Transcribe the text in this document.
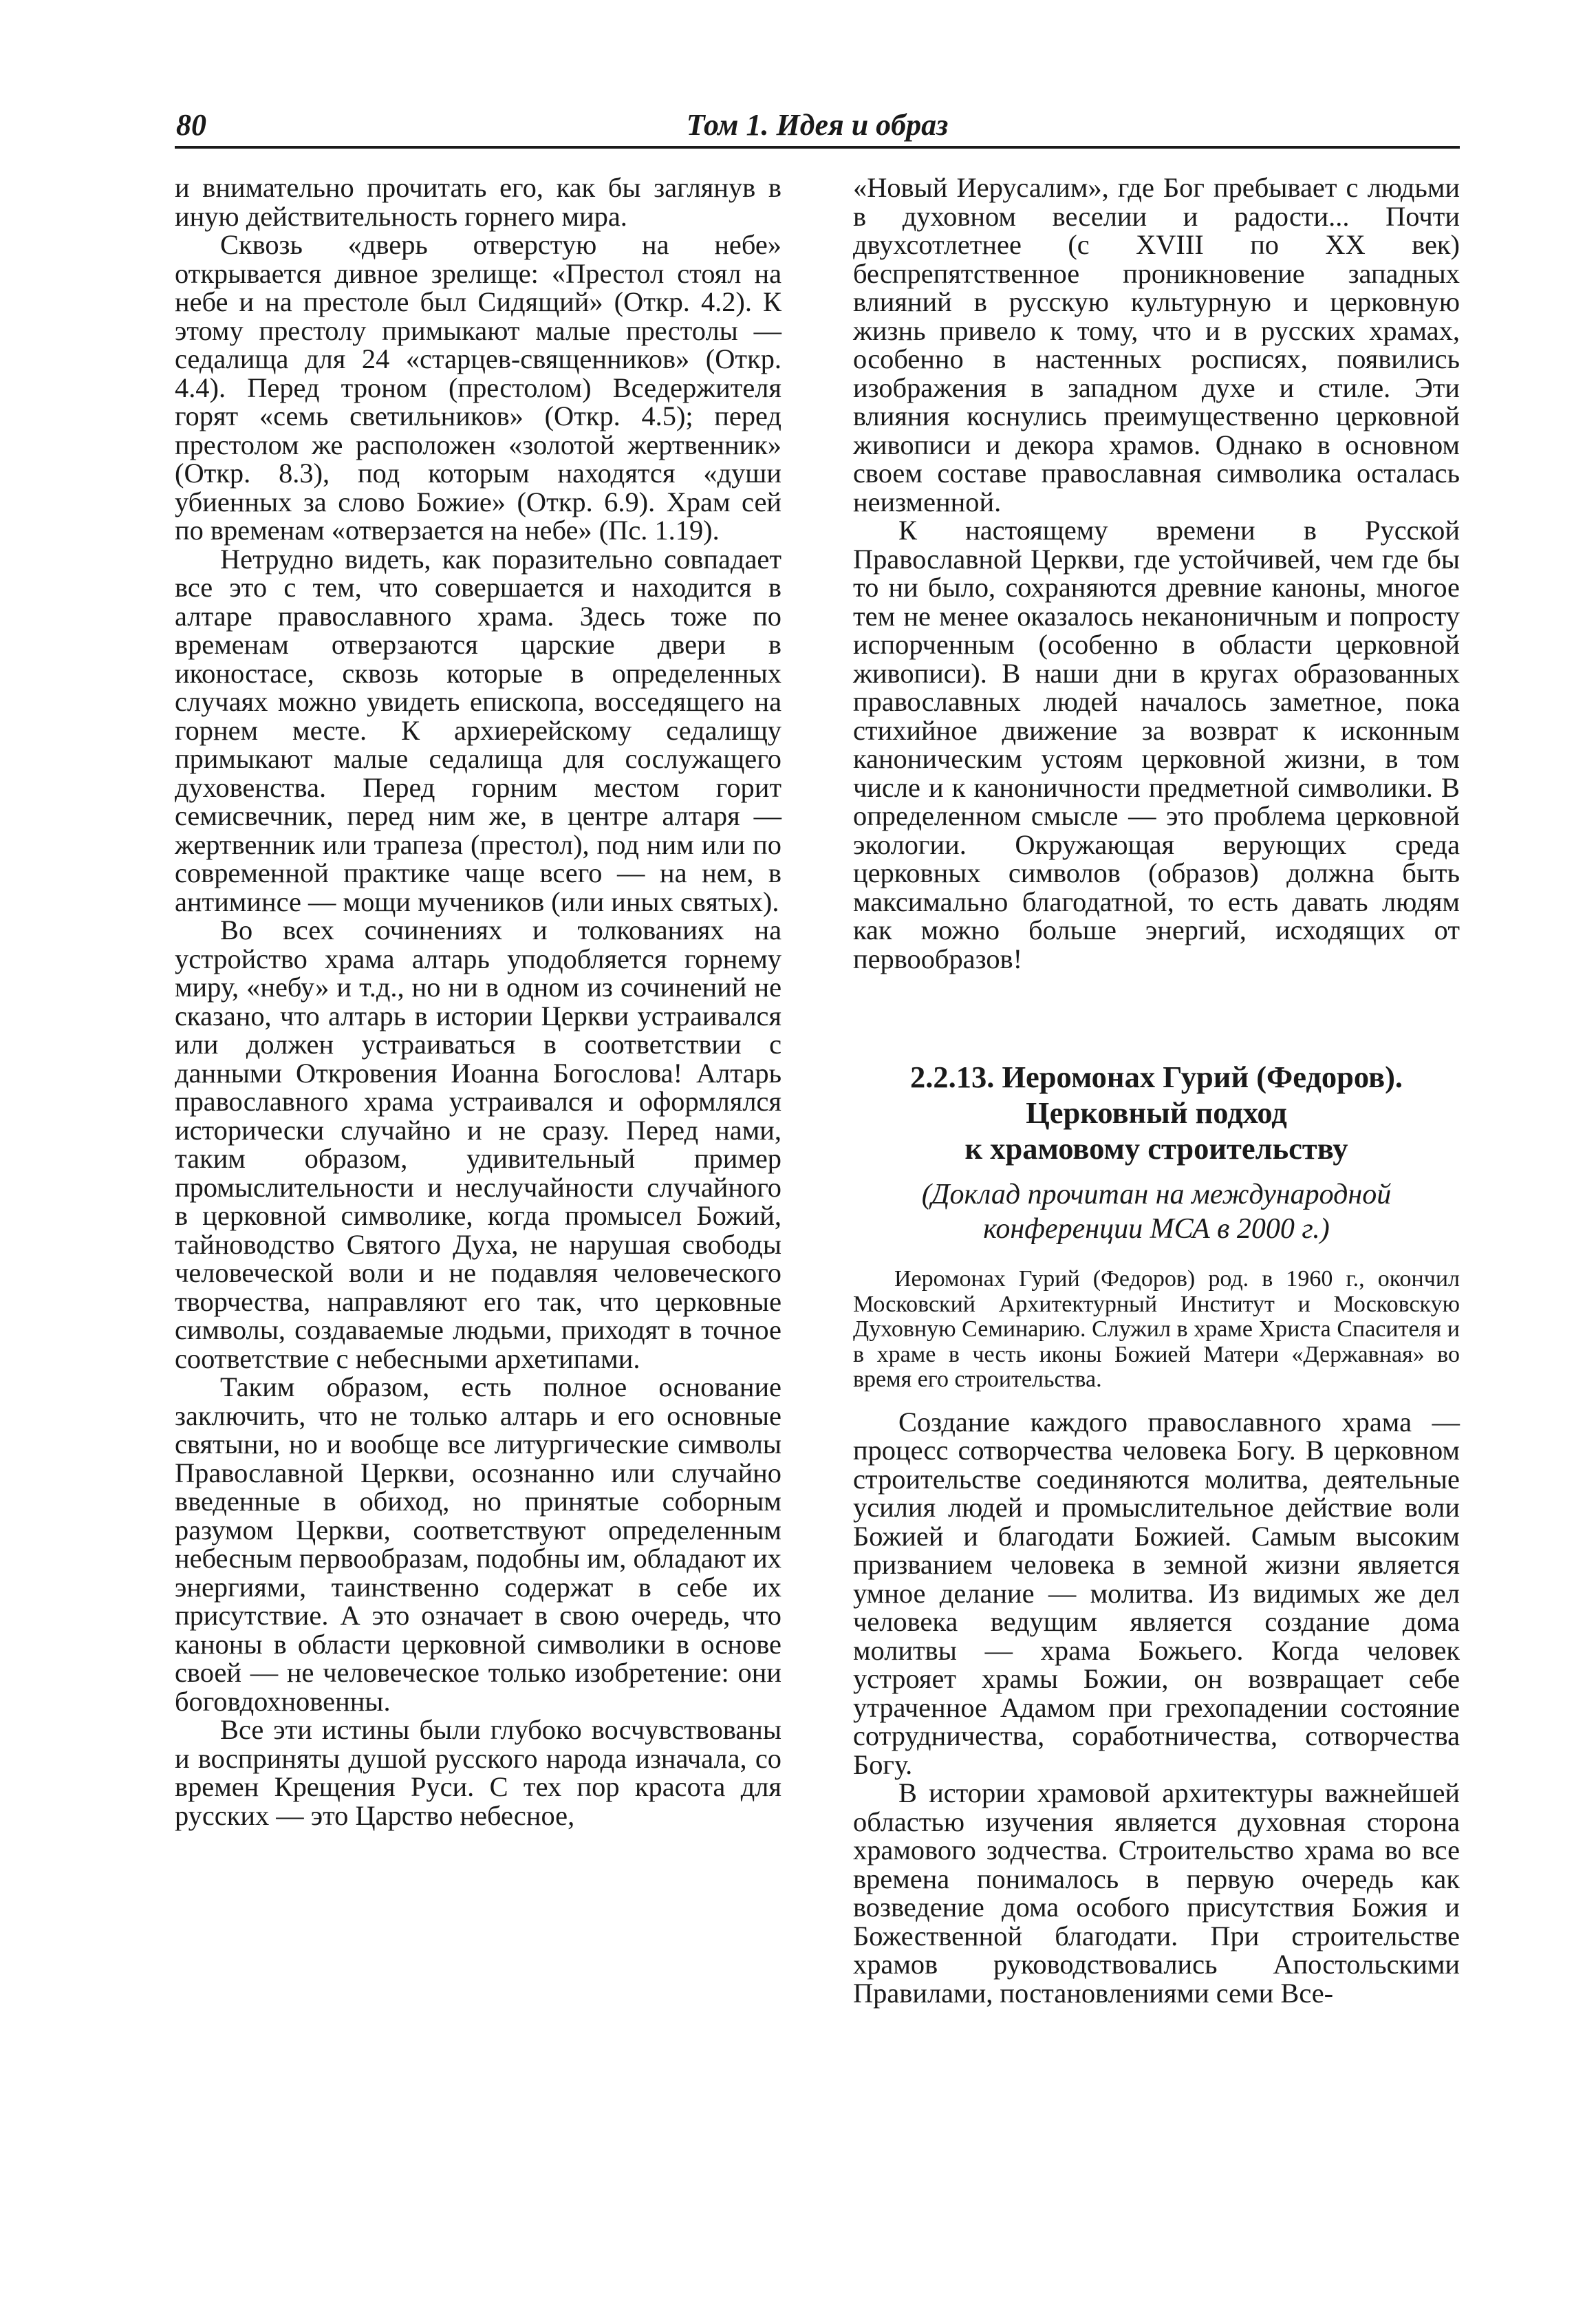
80	Том 1. Идея и образ

и внимательно прочитать его, как бы заглянув в иную действительность горнего мира.

Сквозь «дверь отверстую на небе» открывается дивное зрелище: «Престол стоял на небе и на престоле был Сидящий» (Откр. 4.2). К этому престолу примыкают малые престолы — седалища для 24 «старцев-священников» (Откр. 4.4). Перед троном (престолом) Вседержителя горят «семь светильников» (Откр. 4.5); перед престолом же расположен «золотой жертвенник» (Откр. 8.3), под которым находятся «души убиенных за слово Божие» (Откр. 6.9). Храм сей по временам «отверзается на небе» (Пс. 1.19).

Нетрудно видеть, как поразительно совпадает все это с тем, что совершается и находится в алтаре православного храма. Здесь тоже по временам отверзаются царские двери в иконостасе, сквозь которые в определенных случаях можно увидеть епископа, восседящего на горнем месте. К архиерейскому седалищу примыкают малые седалища для сослужащего духовенства. Перед горним местом горит семисвечник, перед ним же, в центре алтаря — жертвенник или трапеза (престол), под ним или по современной практике чаще всего — на нем, в антиминсе — мощи мучеников (или иных святых).

Во всех сочинениях и толкованиях на устройство храма алтарь уподобляется горнему миру, «небу» и т.д., но ни в одном из сочинений не сказано, что алтарь в истории Церкви устраивался или должен устраиваться в соответствии с данными Откровения Иоанна Богослова! Алтарь православного храма устраивался и оформлялся исторически случайно и не сразу. Перед нами, таким образом, удивительный пример промыслительности и неслучайности случайного в церковной символике, когда промысел Божий, тайноводство Святого Духа, не нарушая свободы человеческой воли и не подавляя человеческого творчества, направляют его так, что церковные символы, создаваемые людьми, приходят в точное соответствие с небесными архетипами.

Таким образом, есть полное основание заключить, что не только алтарь и его основные святыни, но и вообще все литургические символы Православной Церкви, осознанно или случайно введенные в обиход, но принятые соборным разумом Церкви, соответствуют определенным небесным первообразам, подобны им, обладают их энергиями, таинственно содержат в себе их присутствие. А это означает в свою очередь, что каноны в области церковной символики в основе своей — не человеческое только изобретение: они боговдохновенны.

Все эти истины были глубоко восчувствованы и восприняты душой русского народа изначала, со времен Крещения Руси. С тех пор красота для русских — это Царство небесное,

«Новый Иерусалим», где Бог пребывает с людьми в духовном веселии и радости... Почти двухсотлетнее (с XVIII по XX век) беспрепятственное проникновение западных влияний в русскую культурную и церковную жизнь привело к тому, что и в русских храмах, особенно в настенных росписях, появились изображения в западном духе и стиле. Эти влияния коснулись преимущественно церковной живописи и декора храмов. Однако в основном своем составе православная символика осталась неизменной.

К настоящему времени в Русской Православной Церкви, где устойчивей, чем где бы то ни было, сохраняются древние каноны, многое тем не менее оказалось неканоничным и попросту испорченным (особенно в области церковной живописи). В наши дни в кругах образованных православных людей началось заметное, пока стихийное движение за возврат к исконным каноническим устоям церковной жизни, в том числе и к каноничности предметной символики. В определенном смысле — это проблема церковной экологии. Окружающая верующих среда церковных символов (образов) должна быть максимально благодатной, то есть давать людям как можно больше энергий, исходящих от первообразов!

2.2.13. Иеромонах Гурий (Федоров).
Церковный подход
к храмовому строительству
(Доклад прочитан на международной
конференции МСА в 2000 г.)

Иеромонах Гурий (Федоров) род. в 1960 г., окончил Московский Архитектурный Институт и Московскую Духовную Семинарию. Служил в храме Христа Спасителя и в храме в честь иконы Божией Матери «Державная» во время его строительства.

Создание каждого православного храма — процесс сотворчества человека Богу. В церковном строительстве соединяются молитва, деятельные усилия людей и промыслительное действие воли Божией и благодати Божией. Самым высоким призванием человека в земной жизни является умное делание — молитва. Из видимых же дел человека ведущим является создание дома молитвы — храма Божьего. Когда человек устрояет храмы Божии, он возвращает себе утраченное Адамом при грехопадении состояние сотрудничества, соработничества, сотворчества Богу.

В истории храмовой архитектуры важнейшей областью изучения является духовная сторона храмового зодчества. Строительство храма во все времена понималось в первую очередь как возведение дома особого присутствия Божия и Божественной благодати. При строительстве храмов руководствовались Апостольскими Правилами, постановлениями семи Все-
